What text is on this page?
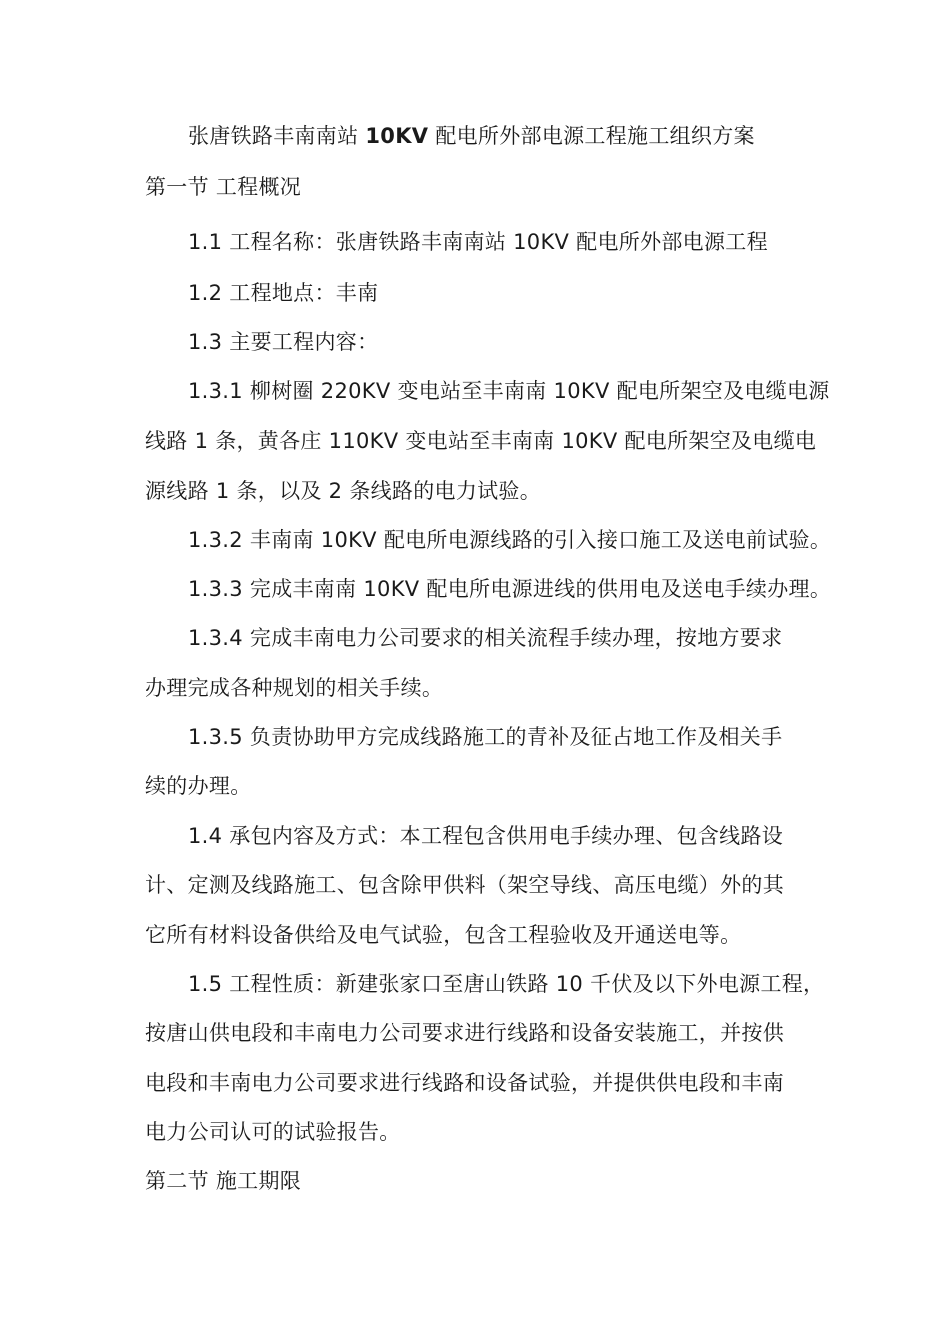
张唐铁路丰南南站 10KV 配电所外部电源工程施工组织方案
第一节 工程概况
1.1 工程名称：张唐铁路丰南南站 10KV 配电所外部电源工程
1.2 工程地点：丰南
1.3 主要工程内容：
1.3.1 柳树圈 220KV 变电站至丰南南 10KV 配电所架空及电缆电源
线路 1 条，黄各庄 110KV 变电站至丰南南 10KV 配电所架空及电缆电
源线路 1 条，以及 2 条线路的电力试验。
1.3.2 丰南南 10KV 配电所电源线路的引入接口施工及送电前试验。
1.3.3 完成丰南南 10KV 配电所电源进线的供用电及送电手续办理。
1.3.4 完成丰南电力公司要求的相关流程手续办理，按地方要求
办理完成各种规划的相关手续。
1.3.5 负责协助甲方完成线路施工的青补及征占地工作及相关手
续的办理。
1.4 承包内容及方式：本工程包含供用电手续办理、包含线路设
计、定测及线路施工、包含除甲供料（架空导线、高压电缆）外的其
它所有材料设备供给及电气试验，包含工程验收及开通送电等。
1.5 工程性质：新建张家口至唐山铁路 10 千伏及以下外电源工程，
按唐山供电段和丰南电力公司要求进行线路和设备安装施工，并按供
电段和丰南电力公司要求进行线路和设备试验，并提供供电段和丰南
电力公司认可的试验报告。
第二节 施工期限
